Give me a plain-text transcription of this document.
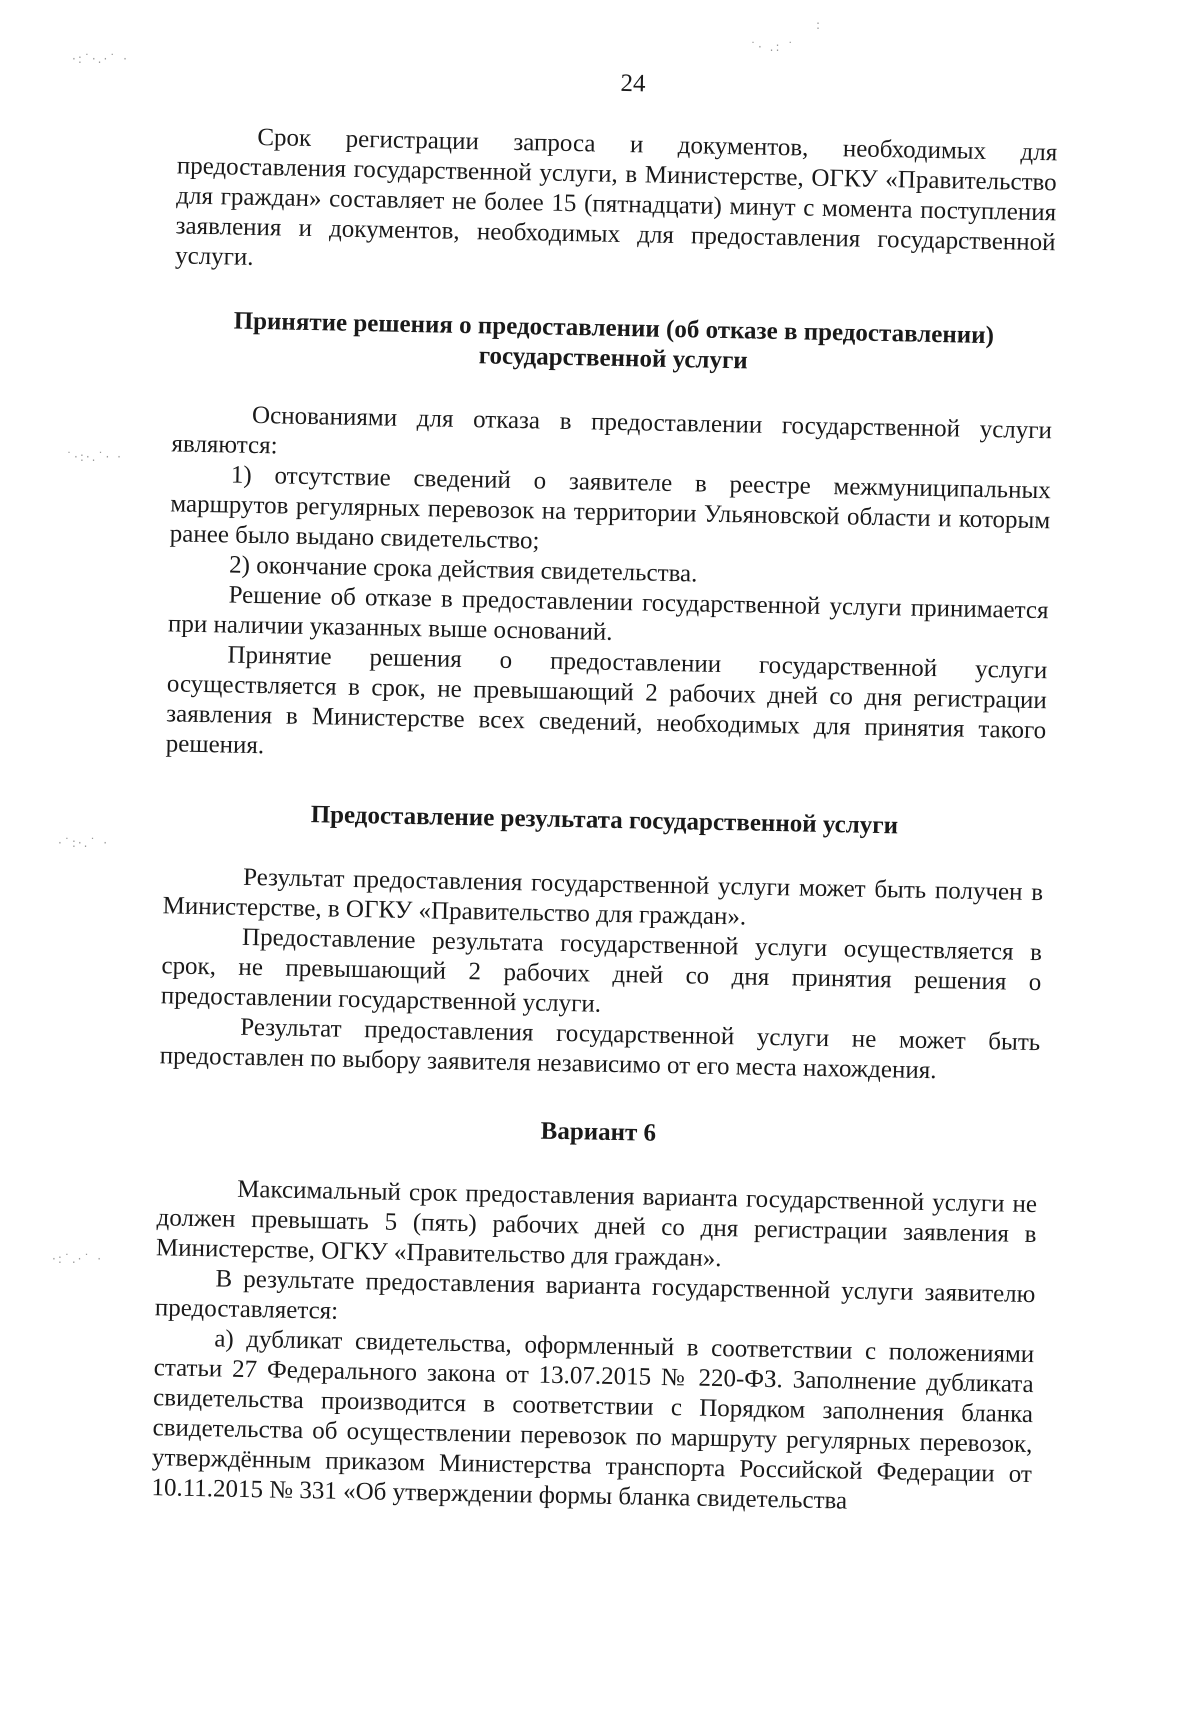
·:˙·.·˙ ·
˙· .: ˙
:
˙·:·.˙· ·
·˙:·.˙ ·
·:˙.·˙ ·
24

Срок регистрации запроса и документов, необходимых для предоставления государственной услуги, в Министерстве, ОГКУ «Правительство для граждан» составляет не более 15 (пятнадцати) минут с момента поступления заявления и документов, необходимых для предоставления государственной услуги.

Принятие решения о предоставлении (об отказе в предоставлении)
государственной услуги

Основаниями для отказа в предоставлении государственной услуги являются:

1) отсутствие сведений о заявителе в реестре межмуниципальных маршрутов регулярных перевозок на территории Ульяновской области и которым ранее было выдано свидетельство;

2) окончание срока действия свидетельства.

Решение об отказе в предоставлении государственной услуги принимается при наличии указанных выше оснований.

Принятие решения о предоставлении государственной услуги осуществляется в срок, не превышающий 2 рабочих дней со дня регистрации заявления в Министерстве всех сведений, необходимых для принятия такого решения.

Предоставление результата государственной услуги

Результат предоставления государственной услуги может быть получен в Министерстве, в ОГКУ «Правительство для граждан».

Предоставление результата государственной услуги осуществляется в срок, не превышающий 2 рабочих дней со дня принятия решения о предоставлении государственной услуги.

Результат предоставления государственной услуги не может быть предоставлен по выбору заявителя независимо от его места нахождения.

Вариант 6

Максимальный срок предоставления варианта государственной услуги не должен превышать 5 (пять) рабочих дней со дня регистрации заявления в Министерстве, ОГКУ «Правительство для граждан».

В результате предоставления варианта государственной услуги заявителю предоставляется:

а) дубликат свидетельства, оформленный в соответствии с положениями статьи 27 Федерального закона от 13.07.2015 № 220-ФЗ. Заполнение дубликата свидетельства производится в соответствии с Порядком заполнения бланка свидетельства об осуществлении перевозок по маршруту регулярных перевозок, утверждённым приказом Министерства транспорта Российской Федерации от 10.11.2015 № 331 «Об утверждении формы бланка свидетельства
